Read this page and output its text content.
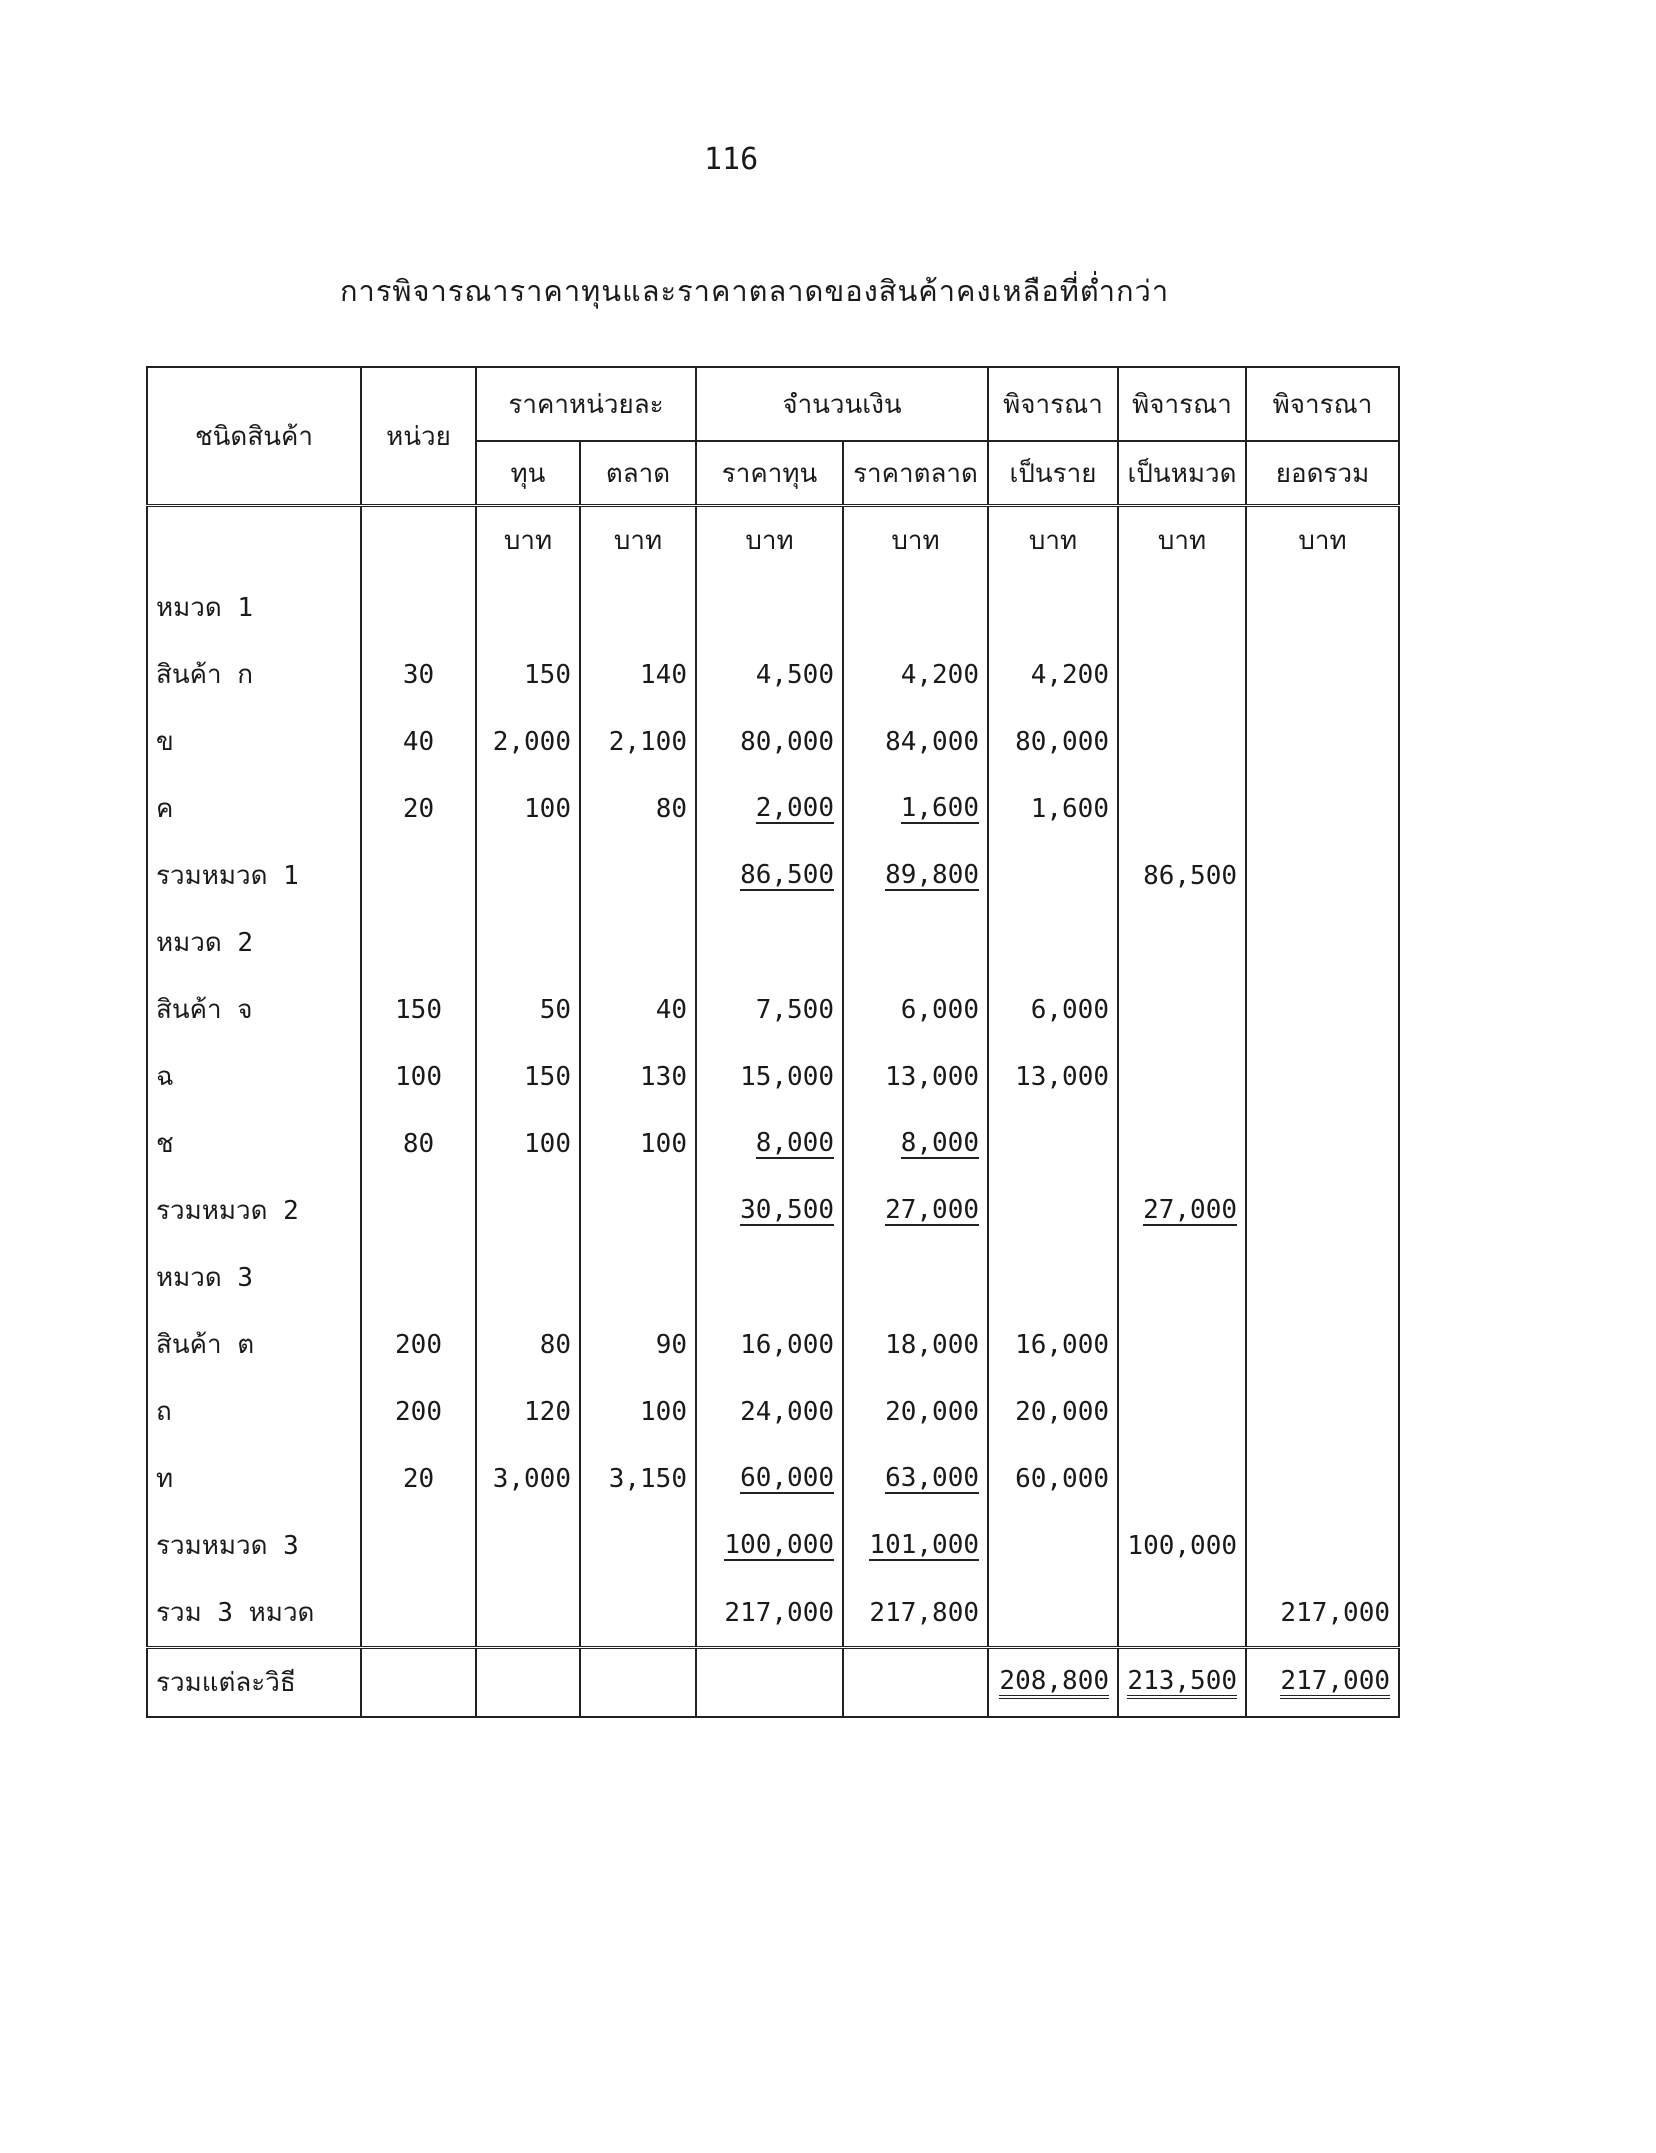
116
การพิจารณาราคาทุนและราคาตลาดของสินค้าคงเหลือที่ต่ำกว่า
ชนิดสินค้า	หน่วย	ราคาหน่วยละ		จำนวนเงิน		พิจารณา	พิจารณา	พิจารณา
		ทุน	ตลาด	ราคาทุน	ราคาตลาด	เป็นราย	เป็นหมวด	ยอดรวม
		บาท	บาท	บาท	บาท	บาท	บาท	บาท
หมวด 1								
สินค้า ก	30	150	140	4,500	4,200	4,200		
ข	40	2,000	2,100	80,000	84,000	80,000		
ค	20	100	80	2,000	1,600	1,600		
รวมหมวด 1				86,500	89,800		86,500	
หมวด 2								
สินค้า จ	150	50	40	7,500	6,000	6,000		
ฉ	100	150	130	15,000	13,000	13,000		
ช	80	100	100	8,000	8,000			
รวมหมวด 2				30,500	27,000		27,000	
หมวด 3								
สินค้า ต	200	80	90	16,000	18,000	16,000		
ถ	200	120	100	24,000	20,000	20,000		
ท	20	3,000	3,150	60,000	63,000	60,000		
รวมหมวด 3				100,000	101,000		100,000	
รวม 3 หมวด				217,000	217,800			217,000
รวมแต่ละวิธี						208,800	213,500	217,000
